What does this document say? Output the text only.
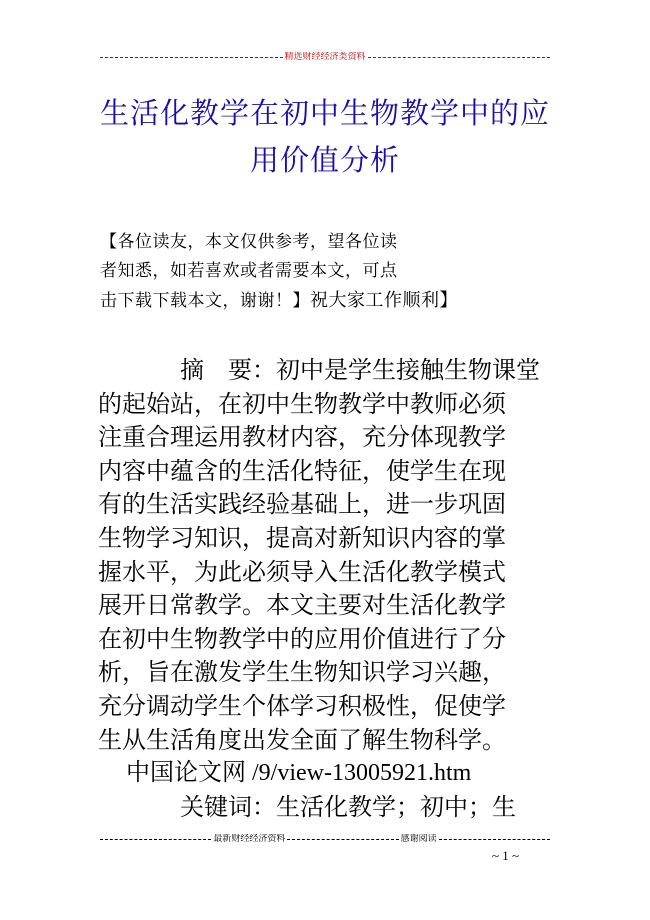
精选财经经济类资料
生活化教学在初中生物教学中的应
用价值分析
【各位读友，本文仅供参考，望各位读
者知悉，如若喜欢或者需要本文，可点
击下载下载本文，谢谢！】祝大家工作顺利】
摘　要：初中是学生接触生物课堂
的起始站，在初中生物教学中教师必须
注重合理运用教材内容，充分体现教学
内容中蕴含的生活化特征，使学生在现
有的生活实践经验基础上，进一步巩固
生物学习知识，提高对新知识内容的掌
握水平，为此必须导入生活化教学模式
展开日常教学。本文主要对生活化教学
在初中生物教学中的应用价值进行了分
析，旨在激发学生生物知识学习兴趣，
充分调动学生个体学习积极性，促使学
生从生活角度出发全面了解生物科学。
中国论文网 /9/view-13005921.htm
关键词：生活化教学；初中；生
最新财经经济资料	感谢阅读
~ 1 ~
